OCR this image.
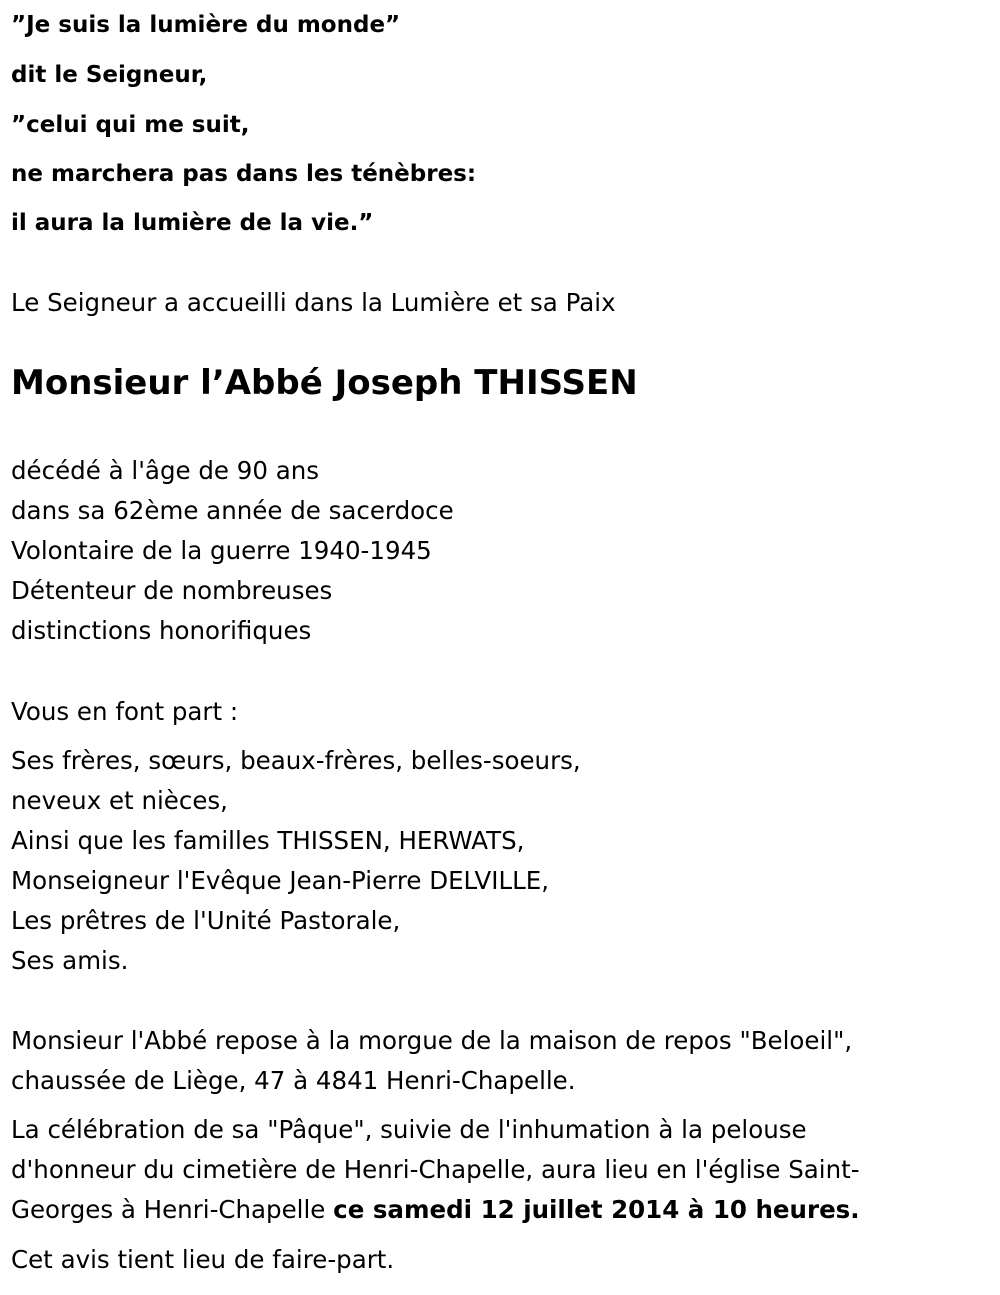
”Je suis la lumière du monde”
dit le Seigneur,
”celui qui me suit,
ne marchera pas dans les ténèbres:
il aura la lumière de la vie.”
Le Seigneur a accueilli dans la Lumière et sa Paix
Monsieur l’Abbé Joseph THISSEN
décédé à l'âge de 90 ans
dans sa 62ème année de sacerdoce
Volontaire de la guerre 1940-1945
Détenteur de nombreuses
distinctions honorifiques
Vous en font part :
Ses frères, sœurs, beaux-frères, belles-soeurs,
neveux et nièces,
Ainsi que les familles THISSEN, HERWATS,
Monseigneur l'Evêque Jean-Pierre DELVILLE,
Les prêtres de l'Unité Pastorale,
Ses amis.
Monsieur l'Abbé repose à la morgue de la maison de repos "Beloeil",
chaussée de Liège, 47 à 4841 Henri-Chapelle.
La célébration de sa "Pâque", suivie de l'inhumation à la pelouse
d'honneur du cimetière de Henri-Chapelle, aura lieu en l'église Saint-
Georges à Henri-Chapelle ce samedi 12 juillet 2014 à 10 heures.
Cet avis tient lieu de faire-part.
